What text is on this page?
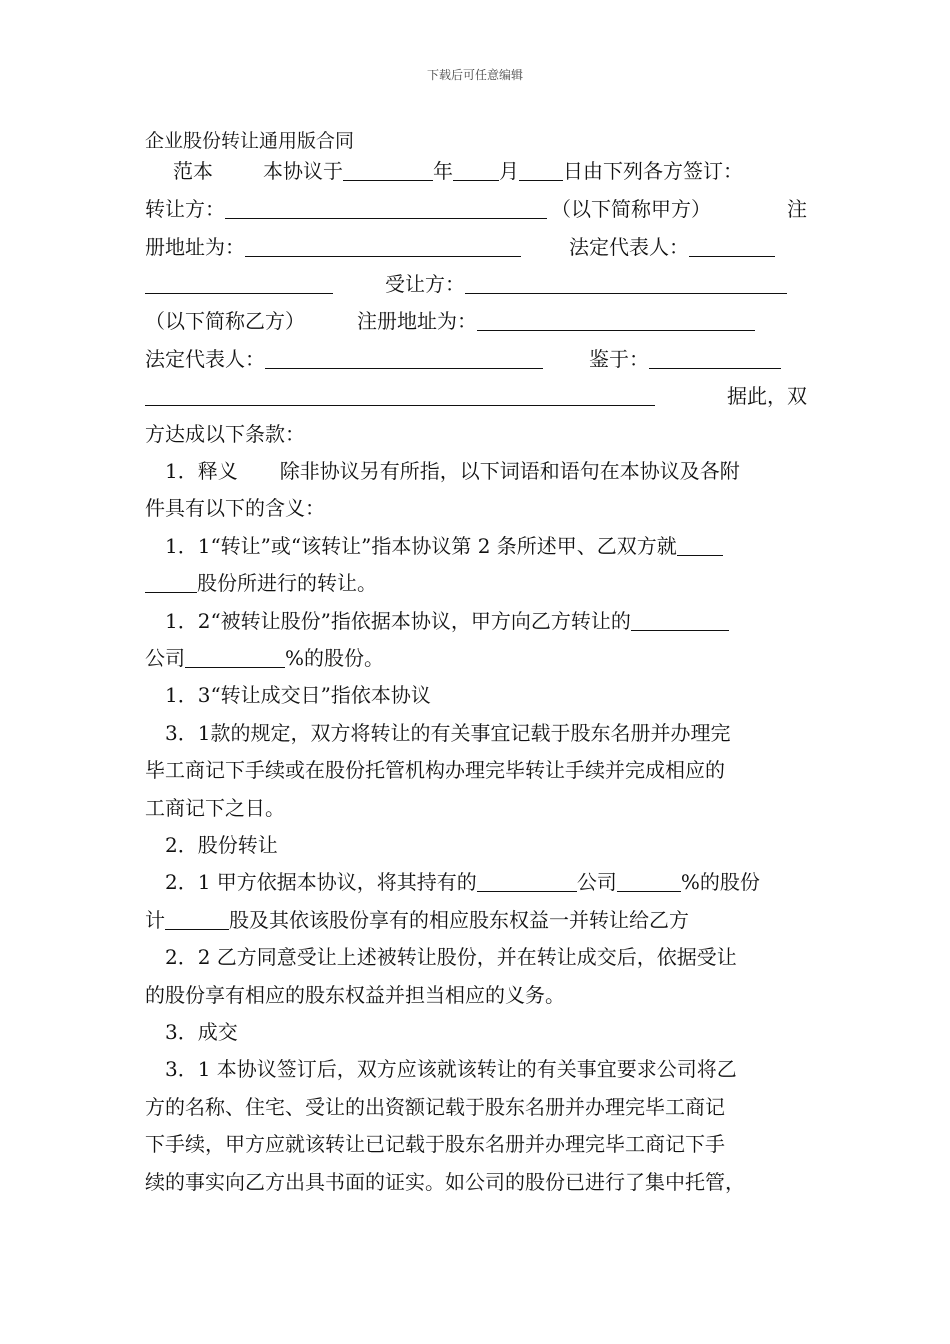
下载后可任意编辑
企业股份转让通用版合同
范本	本协议于	年 月 日由下列各方签订：
转让方：	（以下简称甲方）	注
册地址为：	法定代表人：
受让方：
（以下简称乙方）	注册地址为：
法定代表人：	鉴于：
据此，双
方达成以下条款：
1．释义 除非协议另有所指，以下词语和语句在本协议及各附
件具有以下的含义：
1．1“转让”或“该转让”指本协议第 2 条所述甲、乙双方就
股份所进行的转让。
1．2“被转让股份”指依据本协议，甲方向乙方转让的
公司	%的股份。
1．3“转让成交日”指依本协议
3．1款的规定，双方将转让的有关事宜记载于股东名册并办理完
毕工商记下手续或在股份托管机构办理完毕转让手续并完成相应的
工商记下之日。
2．股份转让
2．1 甲方依据本协议，将其持有的	公司	%的股份
计	股及其依该股份享有的相应股东权益一并转让给乙方
2．2 乙方同意受让上述被转让股份，并在转让成交后，依据受让
的股份享有相应的股东权益并担当相应的义务。
3．成交
3．1 本协议签订后，双方应该就该转让的有关事宜要求公司将乙
方的名称、住宅、受让的出资额记载于股东名册并办理完毕工商记
下手续，甲方应就该转让已记载于股东名册并办理完毕工商记下手
续的事实向乙方出具书面的证实。如公司的股份已进行了集中托管，
